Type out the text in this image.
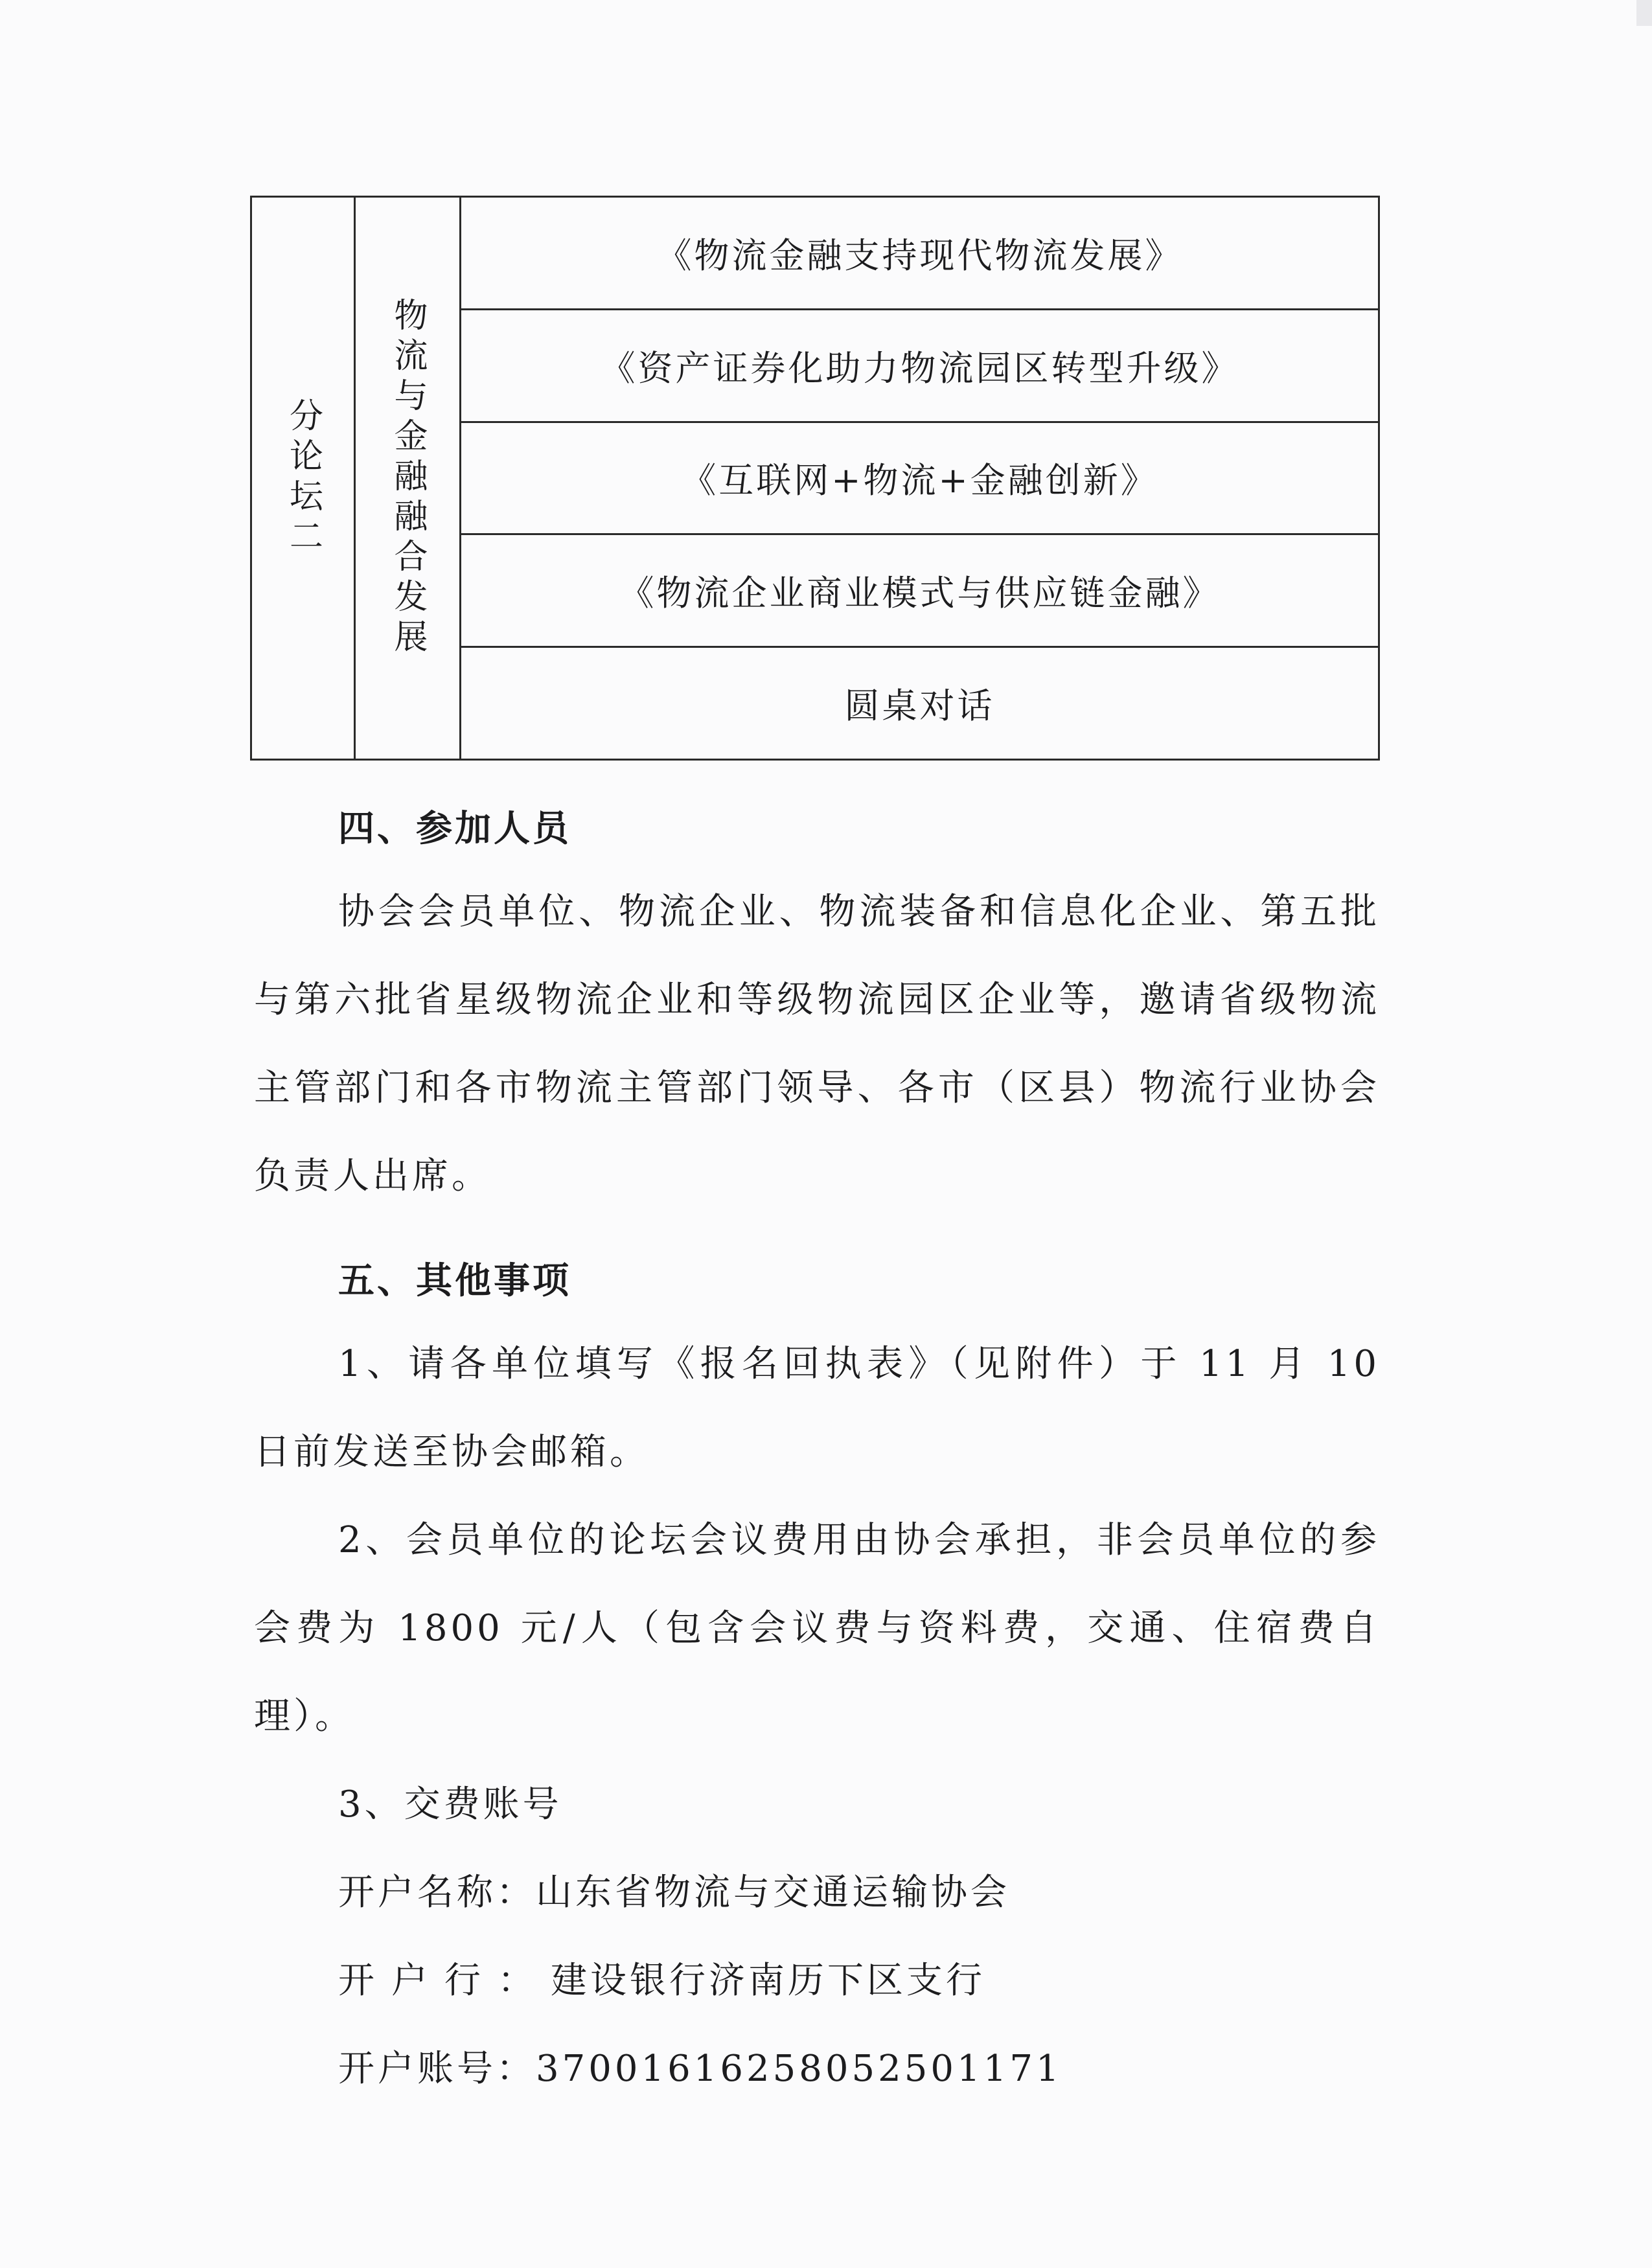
分论坛二 物流与金融融合发展

《物流金融支持现代物流发展》
《资产证券化助力物流园区转型升级》
《互联网+物流+金融创新》
《物流企业商业模式与供应链金融》
圆桌对话
四、参加人员

协会会员单位、物流企业、物流装备和信息化企业、第五批与第六批省星级物流企业和等级物流园区企业等，邀请省级物流主管部门和各市物流主管部门领导、各市（区县）物流行业协会负责人出席。

五、其他事项

1、请各单位填写《报名回执表》（见附件）于 11 月 10 日前发送至协会邮箱。

2、会员单位的论坛会议费用由协会承担，非会员单位的参会费为 1800 元/人（包含会议费与资料费，交通、住宿费自理）。

3、交费账号

开户名称：山东省物流与交通运输协会

开户行：建设银行济南历下区支行

开户账号：37001616258052501171
